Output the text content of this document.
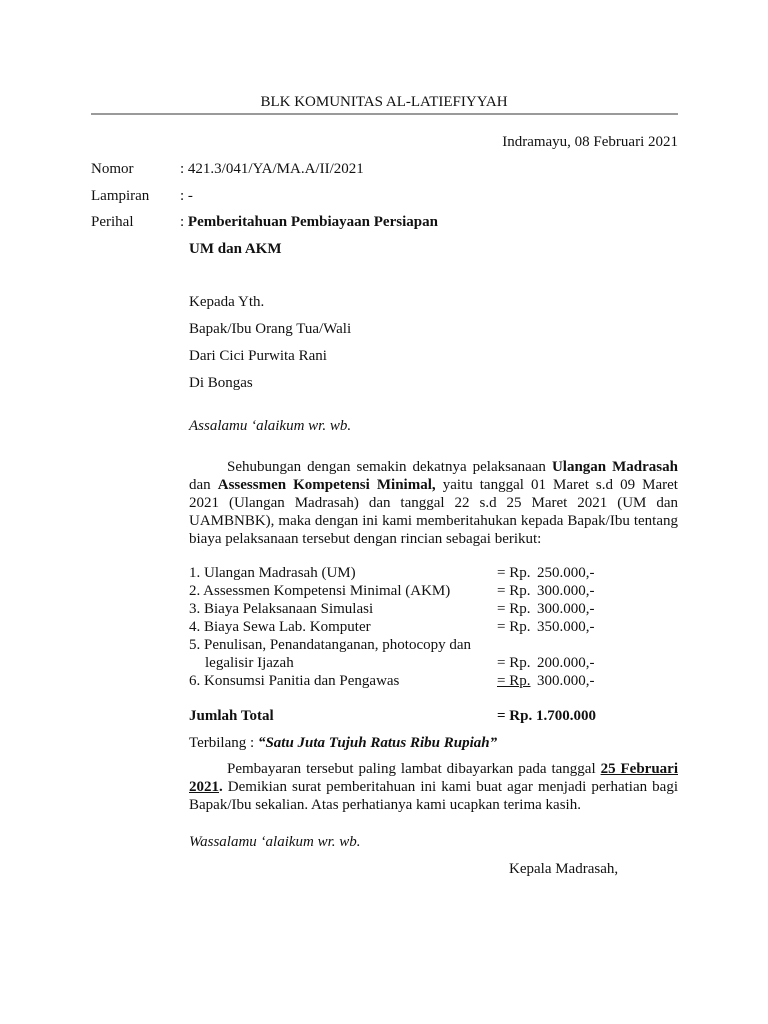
BLK KOMUNITAS AL-LATIEFIYYAH
Indramayu, 08 Februari 2021
Nomor	: 421.3/041/YA/MA.A/II/2021
Lampiran : -
Perihal	: Pemberitahuan Pembiayaan Persiapan
UM dan AKM
Kepada Yth.
Bapak/Ibu Orang Tua/Wali
Dari Cici Purwita Rani
Di Bongas
Assalamu ‘alaikum wr. wb.
Sehubungan dengan semakin dekatnya pelaksanaan Ulangan Madrasah
dan Assessmen Kompetensi Minimal, yaitu tanggal 01 Maret s.d 09 Maret
2021 (Ulangan Madrasah) dan tanggal 22 s.d 25 Maret 2021 (UM dan
UAMBNBK), maka dengan ini kami memberitahukan kepada Bapak/Ibu tentang
biaya pelaksanaan tersebut dengan rincian sebagai berikut:
1. Ulangan Madrasah (UM)	= Rp. 250.000,-
2. Assessmen Kompetensi Minimal (AKM)	= Rp. 300.000,-
3. Biaya Pelaksanaan Simulasi	= Rp. 300.000,-
4. Biaya Sewa Lab. Komputer	= Rp. 350.000,-
5. Penulisan, Penandatanganan, photocopy dan
legalisir Ijazah	= Rp. 200.000,-
6. Konsumsi Panitia dan Pengawas	= Rp. 300.000,-
Jumlah Total	= Rp. 1.700.000
Terbilang : “Satu Juta Tujuh Ratus Ribu Rupiah”
Pembayaran tersebut paling lambat dibayarkan pada tanggal 25 Februari
2021. Demikian surat pemberitahuan ini kami buat agar menjadi perhatian bagi
Bapak/Ibu sekalian. Atas perhatianya kami ucapkan terima kasih.
Wassalamu ‘alaikum wr. wb.
Kepala Madrasah,
